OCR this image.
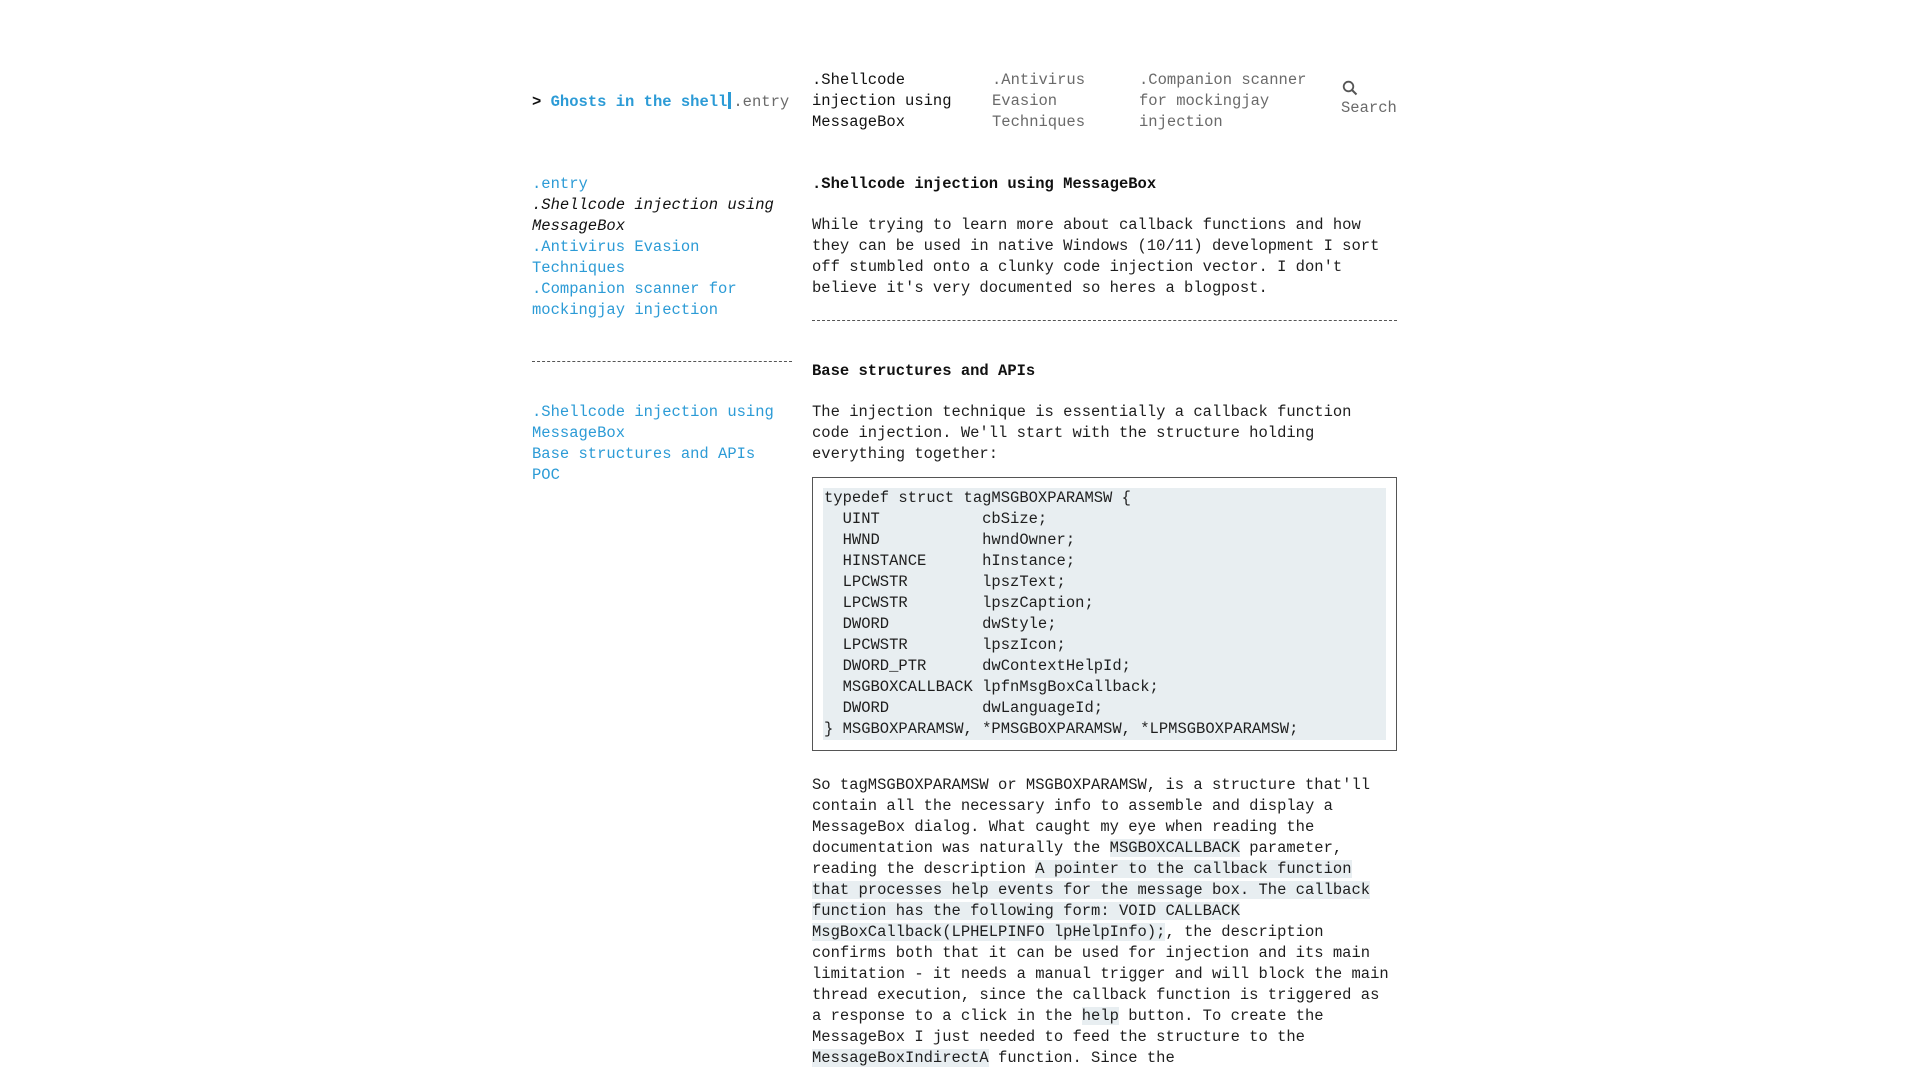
> Ghosts in the shell .entry
.Shellcode injection using MessageBox
.Antivirus Evasion Techniques
.Companion scanner for mockingjay injection
Search
.entry
.Shellcode injection using MessageBox
.Antivirus Evasion Techniques
.Companion scanner for mockingjay injection
.Shellcode injection using MessageBox
Base structures and APIs
POC
.Shellcode injection using MessageBox

While trying to learn more about callback functions and how they can be used in native Windows (10/11) development I sort off stumbled onto a clunky code injection vector. I don't believe it's very documented so heres a blogpost.

Base structures and APIs

The injection technique is essentially a callback function code injection. We'll start with the structure holding everything together:

typedef struct tagMSGBOXPARAMSW {
UINT           cbSize;
HWND           hwndOwner;
HINSTANCE      hInstance;
LPCWSTR        lpszText;
LPCWSTR        lpszCaption;
DWORD          dwStyle;
LPCWSTR        lpszIcon;
DWORD_PTR      dwContextHelpId;
MSGBOXCALLBACK lpfnMsgBoxCallback;
DWORD          dwLanguageId;
} MSGBOXPARAMSW, *PMSGBOXPARAMSW, *LPMSGBOXPARAMSW;

So tagMSGBOXPARAMSW or MSGBOXPARAMSW, is a structure that'll contain all the necessary info to assemble and display a MessageBox dialog. What caught my eye when reading the documentation was naturally the MSGBOXCALLBACK parameter, reading the description A pointer to the callback function that processes help events for the message box. The callback function has the following form: VOID CALLBACK MsgBoxCallback(LPHELPINFO lpHelpInfo);, the description confirms both that it can be used for injection and its main limitation - it needs a manual trigger and will block the main thread execution, since the callback function is triggered as a response to a click in the help button. To create the MessageBox I just needed to feed the structure to the MessageBoxIndirectA function. Since the
